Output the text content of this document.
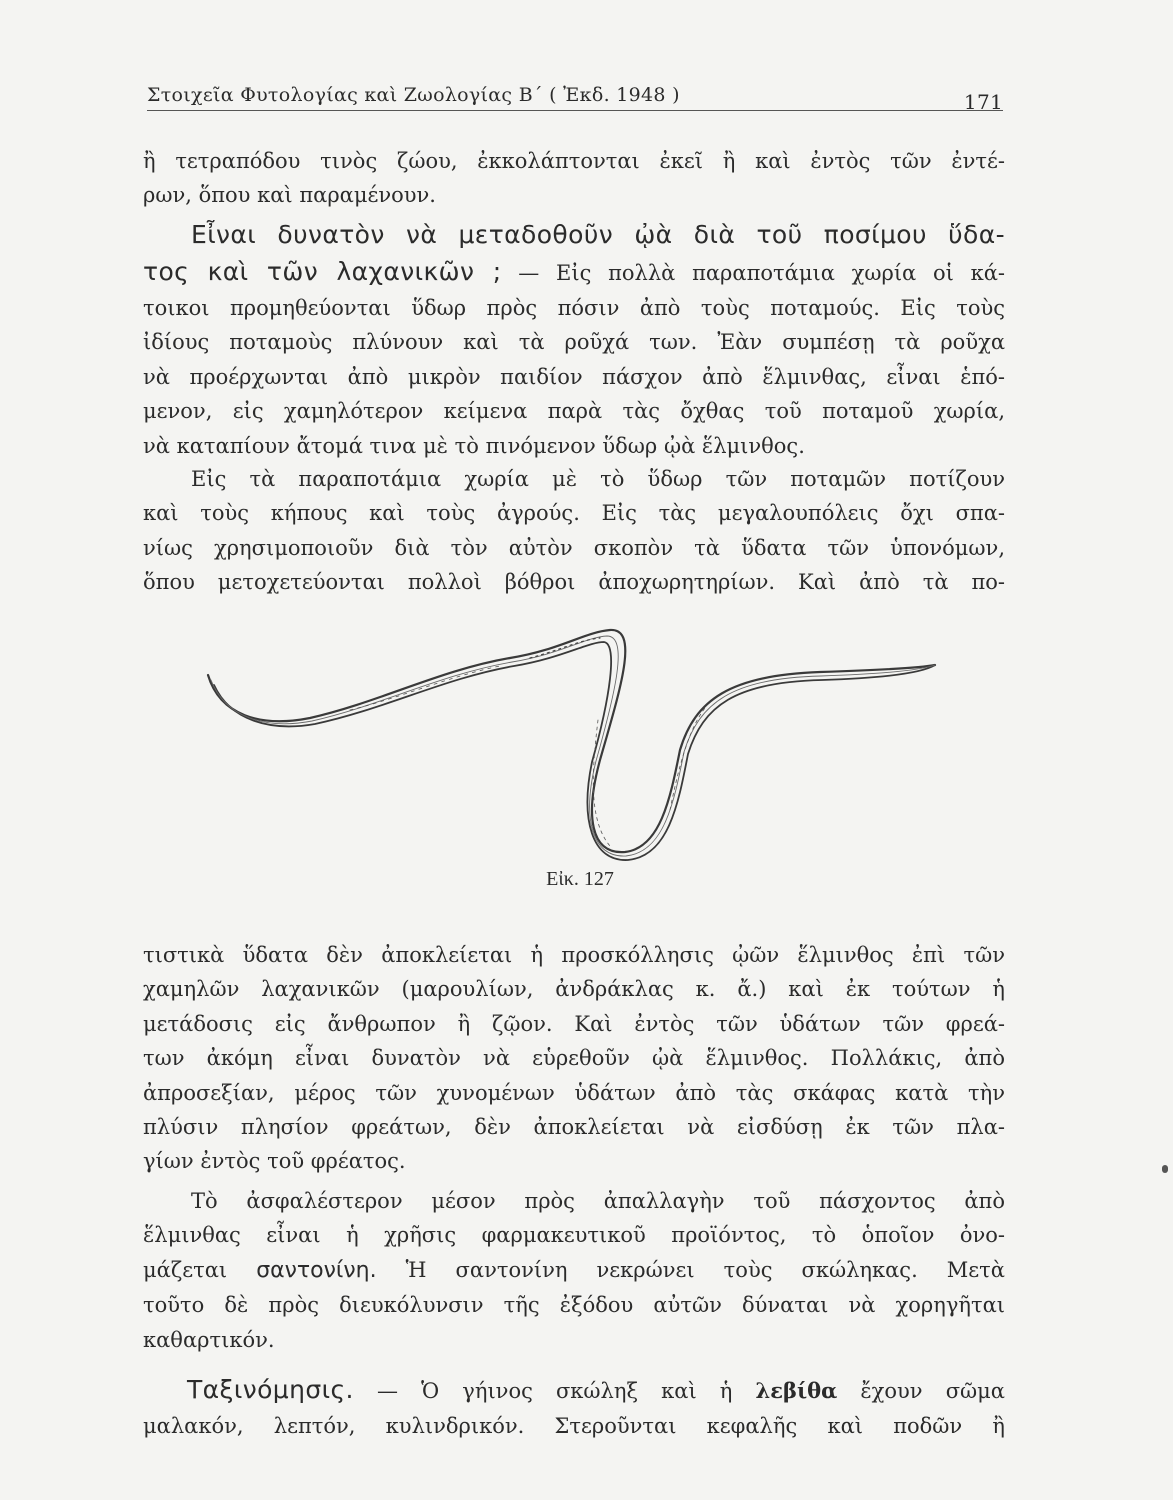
Στοιχεῖα Φυτολογίας καὶ Ζωολογίας Β΄ ( Ἐκδ. 1948 )	171
ἢ τετραπόδου τινὸς ζώου, ἐκκολάπτονται ἐκεῖ ἢ καὶ ἐντὸς τῶν ἐντέ-
ρων, ὅπου καὶ παραμένουν.
Εἶναι δυνατὸν νὰ μεταδοθοῦν ᾠὰ διὰ τοῦ ποσίμου ὕδα-
τος καὶ τῶν λαχανικῶν ; — Εἰς πολλὰ παραποτάμια χωρία οἱ κά-
τοικοι προμηθεύονται ὕδωρ πρὸς πόσιν ἀπὸ τοὺς ποταμούς. Εἰς τοὺς
ἰδίους ποταμοὺς πλύνουν καὶ τὰ ροῦχά των. Ἐὰν συμπέσῃ τὰ ροῦχα
νὰ προέρχωνται ἀπὸ μικρὸν παιδίον πάσχον ἀπὸ ἕλμινθας, εἶναι ἑπό-
μενον, εἰς χαμηλότερον κείμενα παρὰ τὰς ὄχθας τοῦ ποταμοῦ χωρία,
νὰ καταπίουν ἄτομά τινα μὲ τὸ πινόμενον ὕδωρ ᾠὰ ἕλμινθος.
Εἰς τὰ παραποτάμια χωρία μὲ τὸ ὕδωρ τῶν ποταμῶν ποτίζουν
καὶ τοὺς κήπους καὶ τοὺς ἀγρούς. Εἰς τὰς μεγαλουπόλεις ὄχι σπα-
νίως χρησιμοποιοῦν διὰ τὸν αὐτὸν σκοπὸν τὰ ὕδατα τῶν ὑπονόμων,
ὅπου μετοχετεύονται πολλοὶ βόθροι ἀποχωρητηρίων. Καὶ ἀπὸ τὰ πο-
Εἰκ. 127
τιστικὰ ὕδατα δὲν ἀποκλείεται ἡ προσκόλλησις ᾠῶν ἕλμινθος ἐπὶ τῶν
χαμηλῶν λαχανικῶν (μαρουλίων, ἀνδράκλας κ. ἄ.) καὶ ἐκ τούτων ἡ
μετάδοσις εἰς ἄνθρωπον ἢ ζῷον. Καὶ ἐντὸς τῶν ὑδάτων τῶν φρεά-
των ἀκόμη εἶναι δυνατὸν νὰ εὑρεθοῦν ᾠὰ ἕλμινθος. Πολλάκις, ἀπὸ
ἀπροσεξίαν, μέρος τῶν χυνομένων ὑδάτων ἀπὸ τὰς σκάφας κατὰ τὴν
πλύσιν πλησίον φρεάτων, δὲν ἀποκλείεται νὰ εἰσδύσῃ ἐκ τῶν πλα-
γίων ἐντὸς τοῦ φρέατος.
Τὸ ἀσφαλέστερον μέσον πρὸς ἀπαλλαγὴν τοῦ πάσχοντος ἀπὸ
ἕλμινθας εἶναι ἡ χρῆσις φαρμακευτικοῦ προϊόντος, τὸ ὁποῖον ὀνο-
μάζεται σαντονίνη. Ἡ σαντονίνη νεκρώνει τοὺς σκώληκας. Μετὰ
τοῦτο δὲ πρὸς διευκόλυνσιν τῆς ἐξόδου αὐτῶν δύναται νὰ χορηγῆται
καθαρτικόν.
Ταξινόμησις. — Ὁ γήινος σκώληξ καὶ ἡ λεβίθα ἔχουν σῶμα
μαλακόν, λεπτόν, κυλινδρικόν. Στεροῦνται κεφαλῆς καὶ ποδῶν ἢ
